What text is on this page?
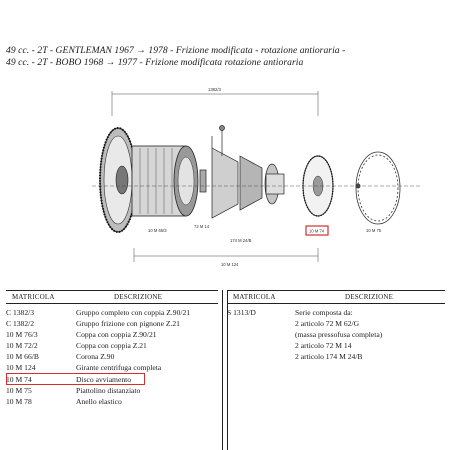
49 cc. - 2T - GENTLEMAN 1967 → 1978 - Frizione modificata - rotazione antioraria -
49 cc. - 2T - BOBO 1968 → 1977 - Frizione modificata rotazione antioraria
1382/3
10 M 124
10 M 65/3
72 M 14
174 M 24/B
10 M 74	10 M 75
MATRICOLA	DESCRIZIONE
C 1382/3	Gruppo completo con coppia Z.90/21
C 1382/2	Gruppo frizione con pignone Z.21
10 M 76/3	Coppa con coppia Z.90/21
10 M 72/2	Coppa con coppia Z.21
10 M 66/B	Corona Z.90
10 M 124	Girante centrifuga completa
10 M 74	Disco avviamento
10 M 75	Piattolino distanziato
10 M 78	Anello elastico
MATRICOLA	DESCRIZIONE
S 1313/D	Serie composta da:
2 articolo 72 M 62/G
(massa pressofusa completa)
2 articolo 72 M 14
2 articolo 174 M 24/B
